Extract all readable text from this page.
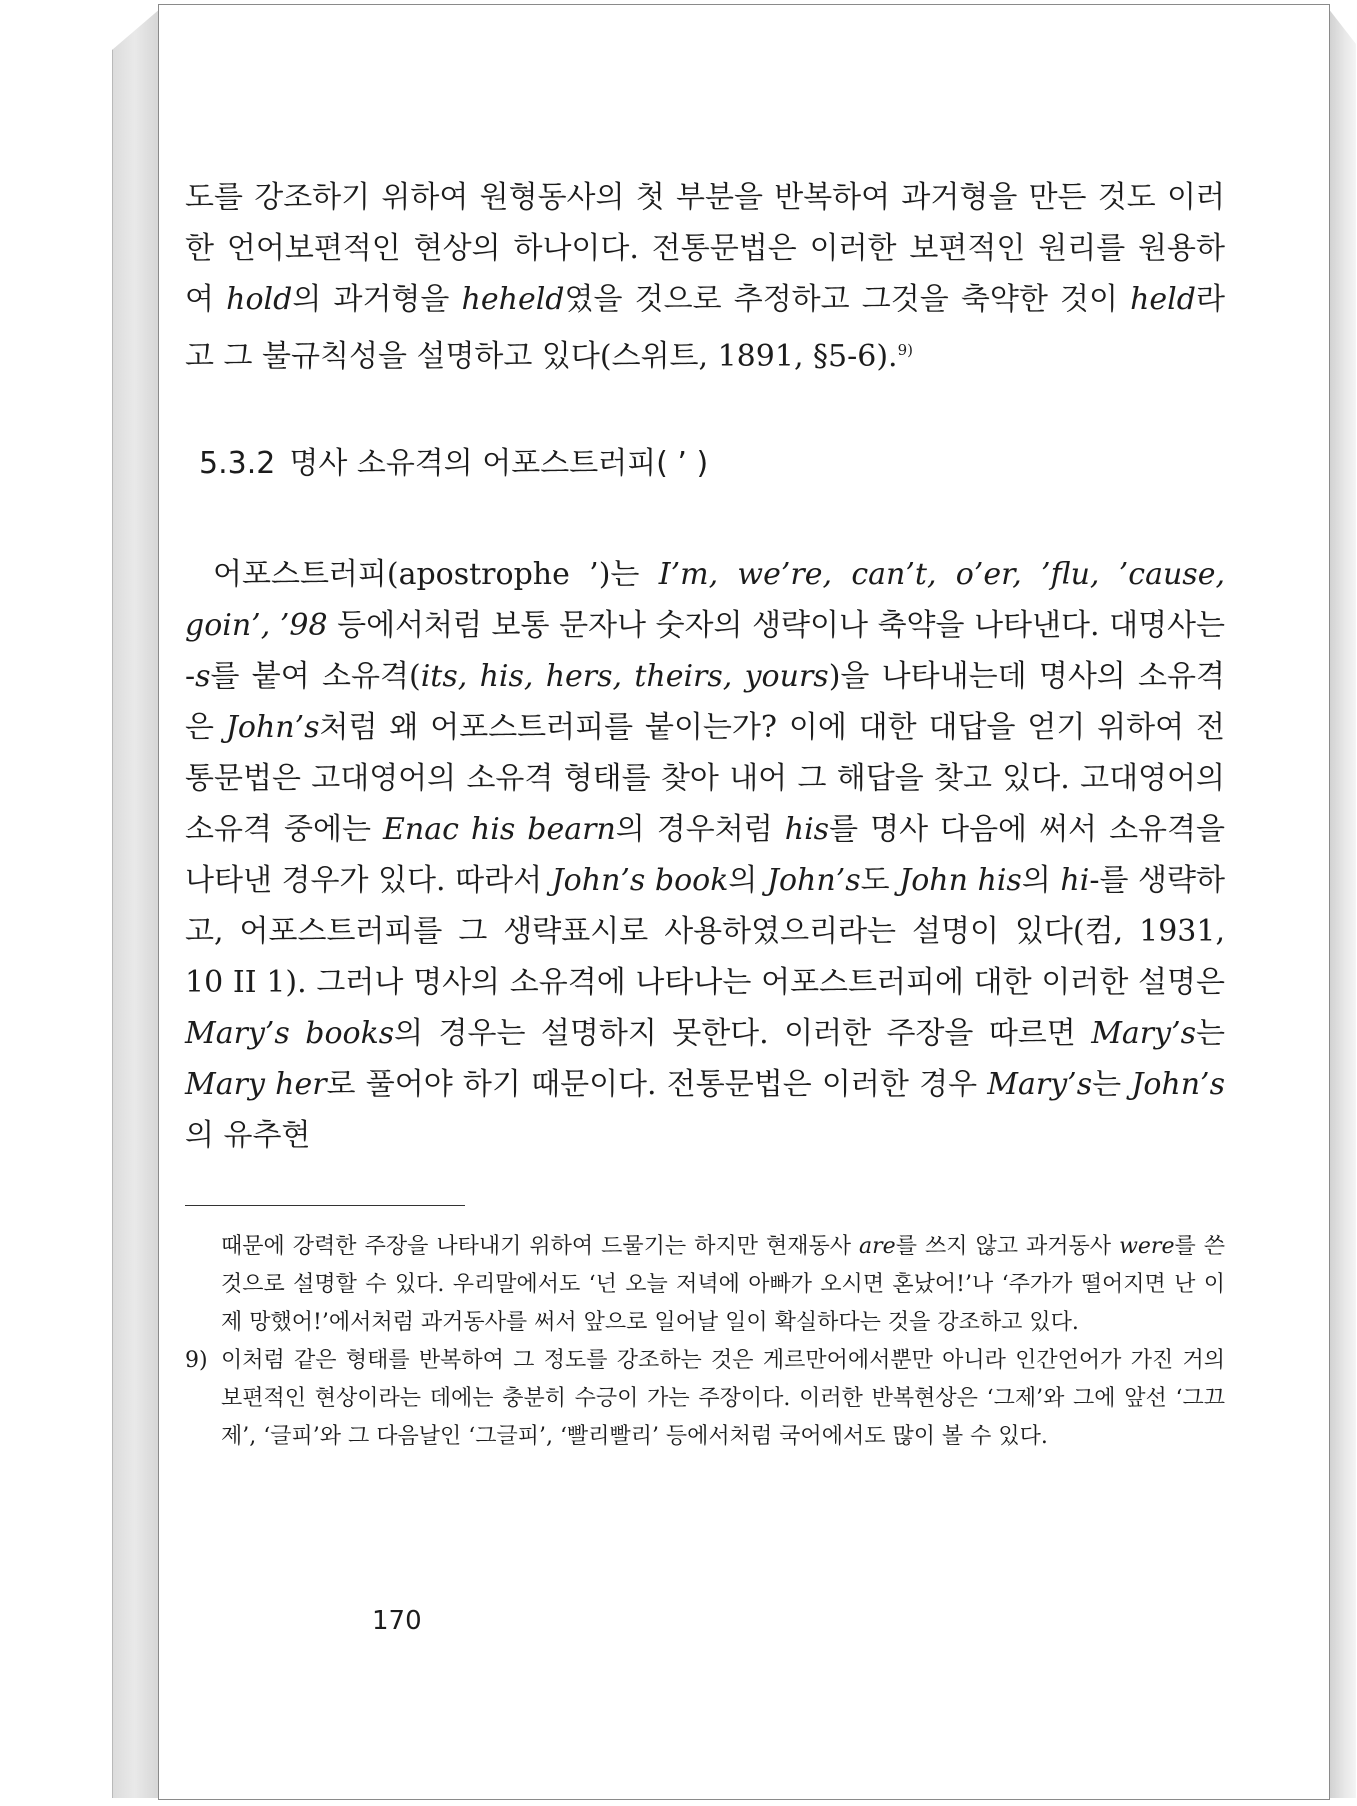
도를 강조하기 위하여 원형동사의 첫 부분을 반복하여 과거형을 만든 것도 이러한 언어보편적인 현상의 하나이다. 전통문법은 이러한 보편적인 원리를 원용하여 hold의 과거형을 heheld였을 것으로 추정하고 그것을 축약한 것이 held라고 그 불규칙성을 설명하고 있다(스위트, 1891, §5-6).$^{9)}$

5.3.2 명사 소유격의 어포스트러피( ’ )

어포스트러피(apostrophe ’)는 I’m, we’re, can’t, o’er, ’flu, ’cause, goin’, ’98 등에서처럼 보통 문자나 숫자의 생략이나 축약을 나타낸다. 대명사는 -s를 붙여 소유격(its, his, hers, theirs, yours)을 나타내는데 명사의 소유격은 John’s처럼 왜 어포스트러피를 붙이는가? 이에 대한 대답을 얻기 위하여 전통문법은 고대영어의 소유격 형태를 찾아 내어 그 해답을 찾고 있다. 고대영어의 소유격 중에는 Enac his bearn의 경우처럼 his를 명사 다음에 써서 소유격을 나타낸 경우가 있다. 따라서 John’s book의 John’s도 John his의 hi-를 생략하고, 어포스트러피를 그 생략표시로 사용하였으리라는 설명이 있다(컴, 1931, 10 II 1). 그러나 명사의 소유격에 나타나는 어포스트러피에 대한 이러한 설명은 Mary’s books의 경우는 설명하지 못한다. 이러한 주장을 따르면 Mary’s는 Mary her로 풀어야 하기 때문이다. 전통문법은 이러한 경우 Mary’s는 John’s의 유추현

때문에 강력한 주장을 나타내기 위하여 드물기는 하지만 현재동사 are를 쓰지 않고 과거동사 were를 쓴 것으로 설명할 수 있다. 우리말에서도 ‘넌 오늘 저녁에 아빠가 오시면 혼났어!’나 ‘주가가 떨어지면 난 이제 망했어!’에서처럼 과거동사를 써서 앞으로 일어날 일이 확실하다는 것을 강조하고 있다.

9) 이처럼 같은 형태를 반복하여 그 정도를 강조하는 것은 게르만어에서뿐만 아니라 인간언어가 가진 거의 보편적인 현상이라는 데에는 충분히 수긍이 가는 주장이다. 이러한 반복현상은 ‘그제’와 그에 앞선 ‘그끄제’, ‘글피’와 그 다음날인 ‘그글피’, ‘빨리빨리’ 등에서처럼 국어에서도 많이 볼 수 있다.

170
